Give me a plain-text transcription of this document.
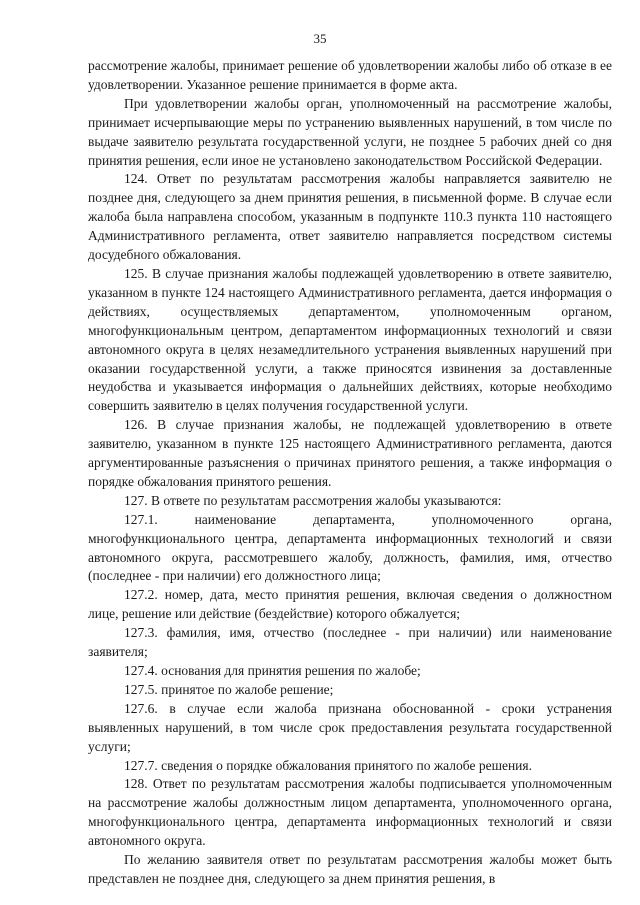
35

рассмотрение жалобы, принимает решение об удовлетворении жалобы либо об отказе в ее удовлетворении. Указанное решение принимается в форме акта.

При удовлетворении жалобы орган, уполномоченный на рассмотрение жалобы, принимает исчерпывающие меры по устранению выявленных нарушений, в том числе по выдаче заявителю результата государственной услуги, не позднее 5 рабочих дней со дня принятия решения, если иное не установлено законодательством Российской Федерации.

124. Ответ по результатам рассмотрения жалобы направляется заявителю не позднее дня, следующего за днем принятия решения, в письменной форме. В случае если жалоба была направлена способом, указанным в подпункте 110.3 пункта 110 настоящего Административного регламента, ответ заявителю направляется посредством системы досудебного обжалования.

125. В случае признания жалобы подлежащей удовлетворению в ответе заявителю, указанном в пункте 124 настоящего Административного регламента, дается информация о действиях, осуществляемых департаментом, уполномоченным органом, многофункциональным центром, департаментом информационных технологий и связи автономного округа в целях незамедлительного устранения выявленных нарушений при оказании государственной услуги, а также приносятся извинения за доставленные неудобства и указывается информация о дальнейших действиях, которые необходимо совершить заявителю в целях получения государственной услуги.

126. В случае признания жалобы, не подлежащей удовлетворению в ответе заявителю, указанном в пункте 125 настоящего Административного регламента, даются аргументированные разъяснения о причинах принятого решения, а также информация о порядке обжалования принятого решения.

127. В ответе по результатам рассмотрения жалобы указываются:

127.1. наименование департамента, уполномоченного органа, многофункционального центра, департамента информационных технологий и связи автономного округа, рассмотревшего жалобу, должность, фамилия, имя, отчество (последнее - при наличии) его должностного лица;

127.2. номер, дата, место принятия решения, включая сведения о должностном лице, решение или действие (бездействие) которого обжалуется;

127.3. фамилия, имя, отчество (последнее - при наличии) или наименование заявителя;

127.4. основания для принятия решения по жалобе;

127.5. принятое по жалобе решение;

127.6. в случае если жалоба признана обоснованной - сроки устранения выявленных нарушений, в том числе срок предоставления результата государственной услуги;

127.7. сведения о порядке обжалования принятого по жалобе решения.

128. Ответ по результатам рассмотрения жалобы подписывается уполномоченным на рассмотрение жалобы должностным лицом департамента, уполномоченного органа, многофункционального центра, департамента информационных технологий и связи автономного округа.

По желанию заявителя ответ по результатам рассмотрения жалобы может быть представлен не позднее дня, следующего за днем принятия решения, в
